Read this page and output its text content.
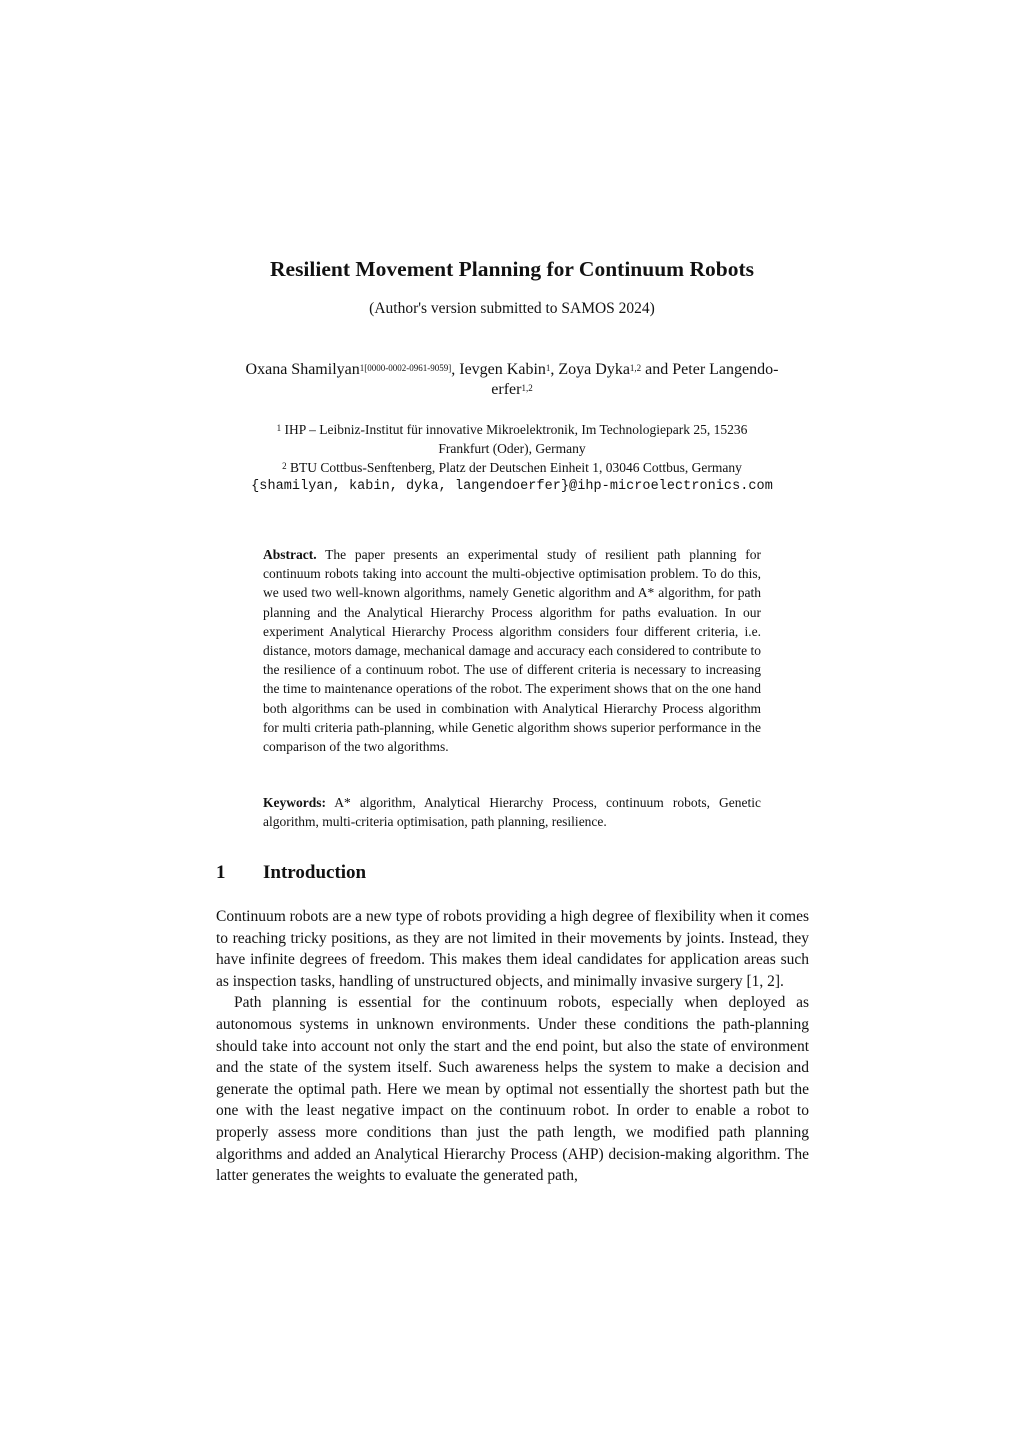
Resilient Movement Planning for Continuum Robots
(Author's version submitted to SAMOS 2024)
Oxana Shamilyan$^{1[0000-0002-0961-9059]}$, Ievgen Kabin$^1$, Zoya Dyka$^{1,2}$ and Peter Langendo-
erfer$^{1,2}$
$^1$ IHP – Leibniz-Institut für innovative Mikroelektronik, Im Technologiepark 25, 15236
Frankfurt (Oder), Germany
$^2$ BTU Cottbus-Senftenberg, Platz der Deutschen Einheit 1, 03046 Cottbus, Germany
{shamilyan, kabin, dyka, langendoerfer}@ihp-microelectronics.com
Abstract. The paper presents an experimental study of resilient path planning for continuum robots taking into account the multi-objective optimisation problem. To do this, we used two well-known algorithms, namely Genetic algorithm and A* algorithm, for path planning and the Analytical Hierarchy Process algorithm for paths evaluation. In our experiment Analytical Hierarchy Process algorithm considers four different criteria, i.e. distance, motors damage, mechanical damage and accuracy each considered to contribute to the resilience of a continuum robot. The use of different criteria is necessary to increasing the time to maintenance operations of the robot. The experiment shows that on the one hand both algorithms can be used in combination with Analytical Hierarchy Process algorithm for multi criteria path-planning, while Genetic algorithm shows superior performance in the comparison of the two algorithms.
Keywords: A* algorithm, Analytical Hierarchy Process, continuum robots, Genetic algorithm, multi-criteria optimisation, path planning, resilience.
1 Introduction

Continuum robots are a new type of robots providing a high degree of flexibility when it comes to reaching tricky positions, as they are not limited in their movements by joints. Instead, they have infinite degrees of freedom. This makes them ideal candidates for application areas such as inspection tasks, handling of unstructured objects, and minimally invasive surgery [1, 2].

Path planning is essential for the continuum robots, especially when deployed as autonomous systems in unknown environments. Under these conditions the path-planning should take into account not only the start and the end point, but also the state of environment and the state of the system itself. Such awareness helps the system to make a decision and generate the optimal path. Here we mean by optimal not essentially the shortest path but the one with the least negative impact on the continuum robot. In order to enable a robot to properly assess more conditions than just the path length, we modified path planning algorithms and added an Analytical Hierarchy Process (AHP) decision-making algorithm. The latter generates the weights to evaluate the generated path,
